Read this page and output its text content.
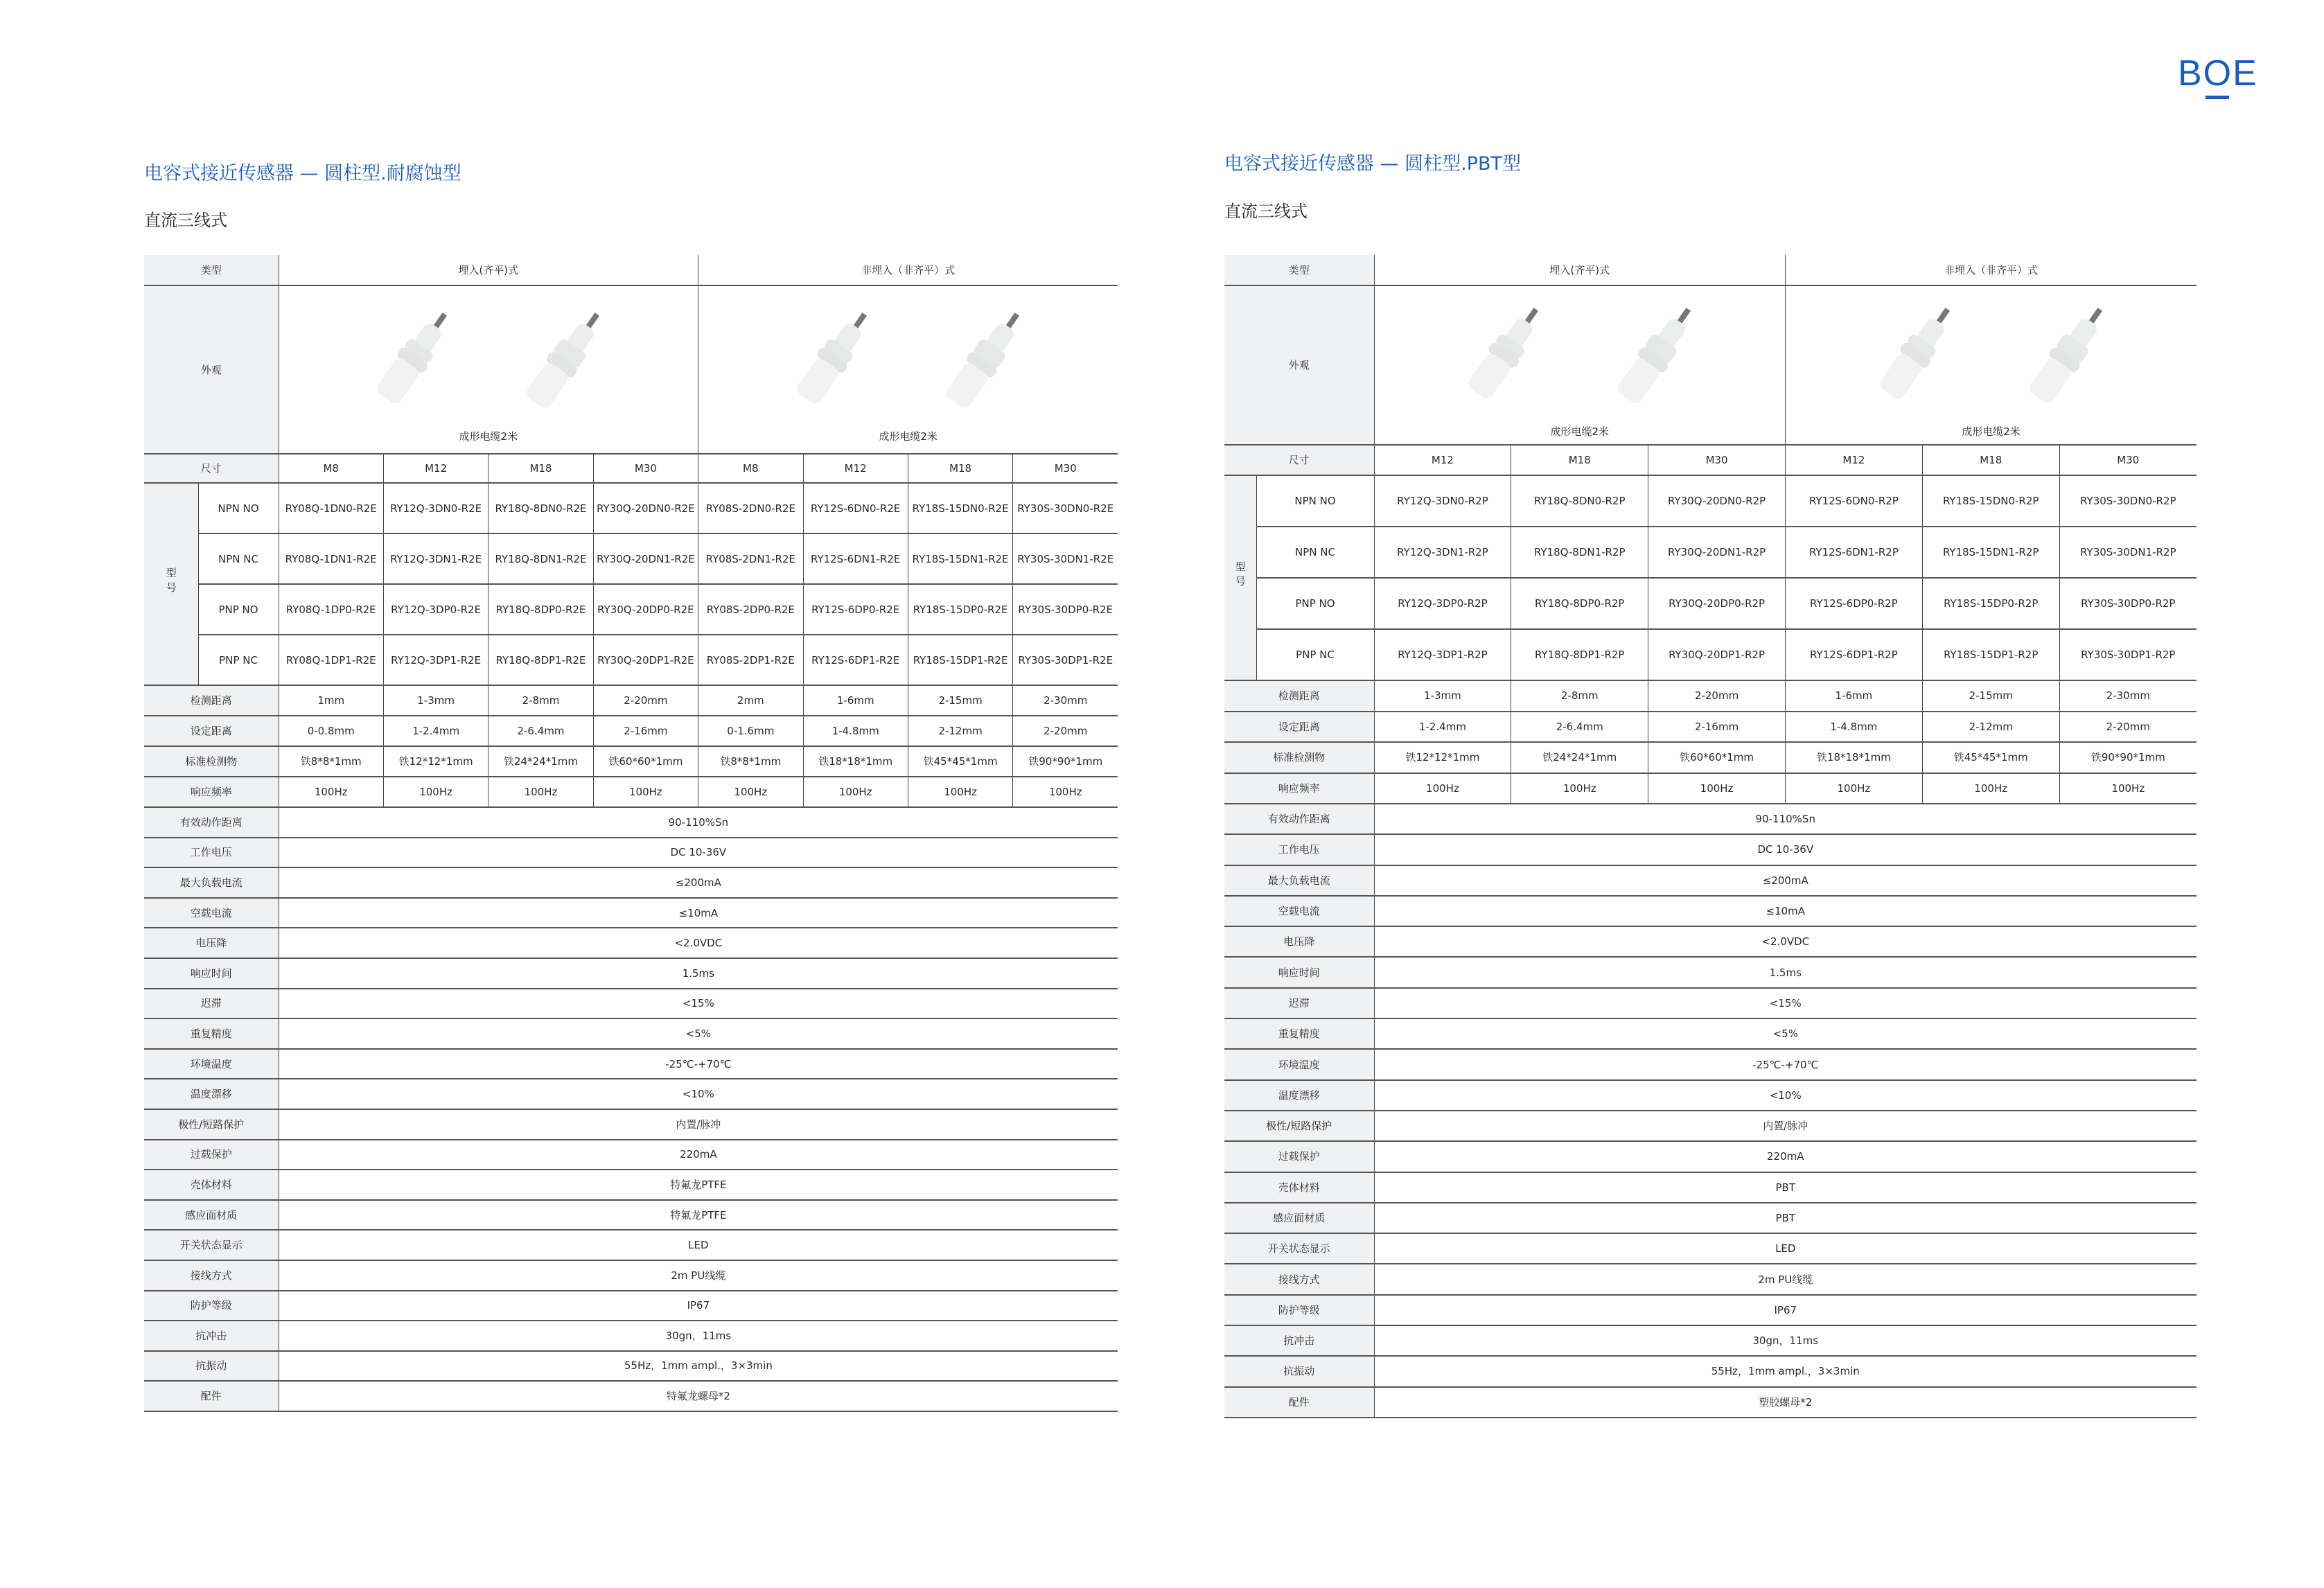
BOE
电容式接近传感器 — 圆柱型.耐腐蚀型
直流三线式
电容式接近传感器 — 圆柱型.PBT型
直流三线式
类型		埋入(齐平)式				非埋入（非齐平）式			
外观		成形电缆2米				成形电缆2米			

尺寸		M8	M12	M18	M30	M8	M12	M18	M30
型号	NPN NO	RY08Q-1DN0-R2E	RY12Q-3DN0-R2E	RY18Q-8DN0-R2E	RY30Q-20DN0-R2E	RY08S-2DN0-R2E	RY12S-6DN0-R2E	RY18S-15DN0-R2E	RY30S-30DN0-R2E
	NPN NC	RY08Q-1DN1-R2E	RY12Q-3DN1-R2E	RY18Q-8DN1-R2E	RY30Q-20DN1-R2E	RY08S-2DN1-R2E	RY12S-6DN1-R2E	RY18S-15DN1-R2E	RY30S-30DN1-R2E
	PNP NO	RY08Q-1DP0-R2E	RY12Q-3DP0-R2E	RY18Q-8DP0-R2E	RY30Q-20DP0-R2E	RY08S-2DP0-R2E	RY12S-6DP0-R2E	RY18S-15DP0-R2E	RY30S-30DP0-R2E
	PNP NC	RY08Q-1DP1-R2E	RY12Q-3DP1-R2E	RY18Q-8DP1-R2E	RY30Q-20DP1-R2E	RY08S-2DP1-R2E	RY12S-6DP1-R2E	RY18S-15DP1-R2E	RY30S-30DP1-R2E
检测距离		1mm	1-3mm	2-8mm	2-20mm	2mm	1-6mm	2-15mm	2-30mm
设定距离		0-0.8mm	1-2.4mm	2-6.4mm	2-16mm	0-1.6mm	1-4.8mm	2-12mm	2-20mm
标准检测物		铁8*8*1mm	铁12*12*1mm	铁24*24*1mm	铁60*60*1mm	铁8*8*1mm	铁18*18*1mm	铁45*45*1mm	铁90*90*1mm
响应频率		100Hz	100Hz	100Hz	100Hz	100Hz	100Hz	100Hz	100Hz
有效动作距离		90-110%Sn							
工作电压		DC 10-36V							
最大负载电流		≤200mA							
空载电流		≤10mA							
电压降		<2.0VDC							
响应时间		1.5ms							
迟滞		<15%							
重复精度		<5%							
环境温度		-25℃-+70℃							
温度漂移		<10%							
极性/短路保护		内置/脉冲							
过载保护		220mA							
壳体材料		特氟龙PTFE							
感应面材质		特氟龙PTFE							
开关状态显示		LED							
接线方式		2m PU线缆							
防护等级		IP67							
抗冲击		30gn，11ms							
抗振动		55Hz，1mm ampl.，3×3min							
配件		特氟龙螺母*2							
类型		埋入(齐平)式			非埋入（非齐平）式		
外观		成形电缆2米			成形电缆2米		

尺寸		M12	M18	M30	M12	M18	M30
型号	NPN NO	RY12Q-3DN0-R2P	RY18Q-8DN0-R2P	RY30Q-20DN0-R2P	RY12S-6DN0-R2P	RY18S-15DN0-R2P	RY30S-30DN0-R2P
	NPN NC	RY12Q-3DN1-R2P	RY18Q-8DN1-R2P	RY30Q-20DN1-R2P	RY12S-6DN1-R2P	RY18S-15DN1-R2P	RY30S-30DN1-R2P
	PNP NO	RY12Q-3DP0-R2P	RY18Q-8DP0-R2P	RY30Q-20DP0-R2P	RY12S-6DP0-R2P	RY18S-15DP0-R2P	RY30S-30DP0-R2P
	PNP NC	RY12Q-3DP1-R2P	RY18Q-8DP1-R2P	RY30Q-20DP1-R2P	RY12S-6DP1-R2P	RY18S-15DP1-R2P	RY30S-30DP1-R2P
检测距离		1-3mm	2-8mm	2-20mm	1-6mm	2-15mm	2-30mm
设定距离		1-2.4mm	2-6.4mm	2-16mm	1-4.8mm	2-12mm	2-20mm
标准检测物		铁12*12*1mm	铁24*24*1mm	铁60*60*1mm	铁18*18*1mm	铁45*45*1mm	铁90*90*1mm
响应频率		100Hz	100Hz	100Hz	100Hz	100Hz	100Hz
有效动作距离		90-110%Sn					
工作电压		DC 10-36V					
最大负载电流		≤200mA					
空载电流		≤10mA					
电压降		<2.0VDC					
响应时间		1.5ms					
迟滞		<15%					
重复精度		<5%					
环境温度		-25℃-+70℃					
温度漂移		<10%					
极性/短路保护		内置/脉冲					
过载保护		220mA					
壳体材料		PBT					
感应面材质		PBT					
开关状态显示		LED					
接线方式		2m PU线缆					
防护等级		IP67					
抗冲击		30gn，11ms					
抗振动		55Hz，1mm ampl.，3×3min					
配件		塑胶螺母*2					
